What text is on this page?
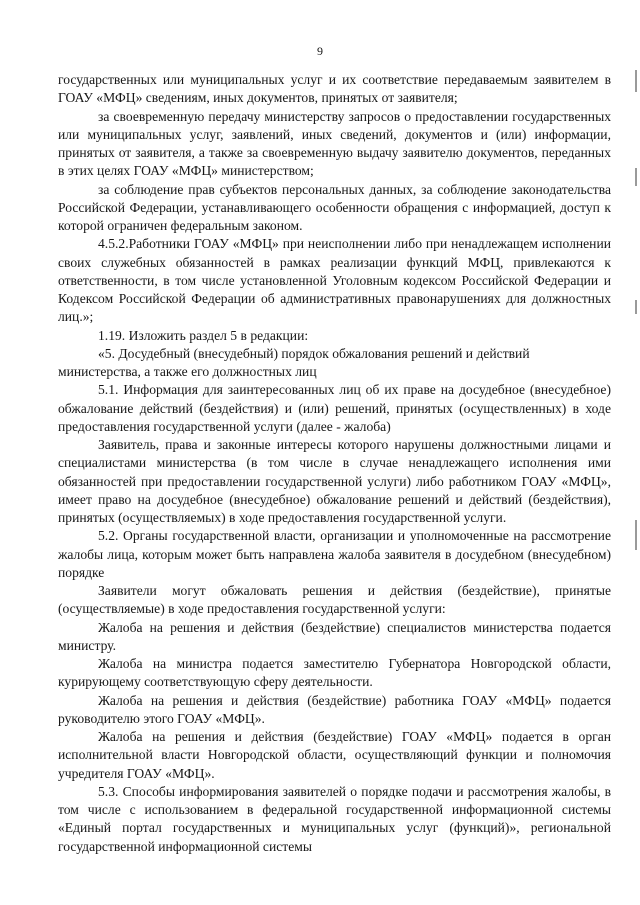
9

государственных или муниципальных услуг и их соответствие передаваемым заявителем в ГОАУ «МФЦ» сведениям, иных документов, принятых от заявителя;

за своевременную передачу министерству запросов о предоставлении государственных или муниципальных услуг, заявлений, иных сведений, документов и (или) информации, принятых от заявителя, а также за своевременную выдачу заявителю документов, переданных в этих целях ГОАУ «МФЦ» министерством;

за соблюдение прав субъектов персональных данных, за соблюдение законодательства Российской Федерации, устанавливающего особенности обращения с информацией, доступ к которой ограничен федеральным законом.

4.5.2.Работники ГОАУ «МФЦ» при неисполнении либо при ненадлежащем исполнении своих служебных обязанностей в рамках реализации функций МФЦ, привлекаются к ответственности, в том числе установленной Уголовным кодексом Российской Федерации и Кодексом Российской Федерации об административных правонарушениях для должностных лиц.»;

1.19. Изложить раздел 5 в редакции:

«5. Досудебный (внесудебный) порядок обжалования решений и действий министерства, а также его должностных лиц

5.1. Информация для заинтересованных лиц об их праве на досудебное (внесудебное) обжалование действий (бездействия) и (или) решений, принятых (осуществленных) в ходе предоставления государственной услуги (далее - жалоба)

Заявитель, права и законные интересы которого нарушены должностными лицами и специалистами министерства (в том числе в случае ненадлежащего исполнения ими обязанностей при предоставлении государственной услуги) либо работником ГОАУ «МФЦ», имеет право на досудебное (внесудебное) обжалование решений и действий (бездействия), принятых (осуществляемых) в ходе предоставления государственной услуги.

5.2. Органы государственной власти, организации и уполномоченные на рассмотрение жалобы лица, которым может быть направлена жалоба заявителя в досудебном (внесудебном) порядке

Заявители могут обжаловать решения и действия (бездействие), принятые (осуществляемые) в ходе предоставления государственной услуги:

Жалоба на решения и действия (бездействие) специалистов министерства подается министру.

Жалоба на министра подается заместителю Губернатора Новгородской области, курирующему соответствующую сферу деятельности.

Жалоба на решения и действия (бездействие) работника ГОАУ «МФЦ» подается руководителю этого ГОАУ «МФЦ».

Жалоба на решения и действия (бездействие) ГОАУ «МФЦ» подается в орган исполнительной власти Новгородской области, осуществляющий функции и полномочия учредителя ГОАУ «МФЦ».

5.3. Способы информирования заявителей о порядке подачи и рассмотрения жалобы, в том числе с использованием в федеральной государственной информационной системы «Единый портал государственных и муниципальных услуг (функций)», региональной государственной информационной системы
